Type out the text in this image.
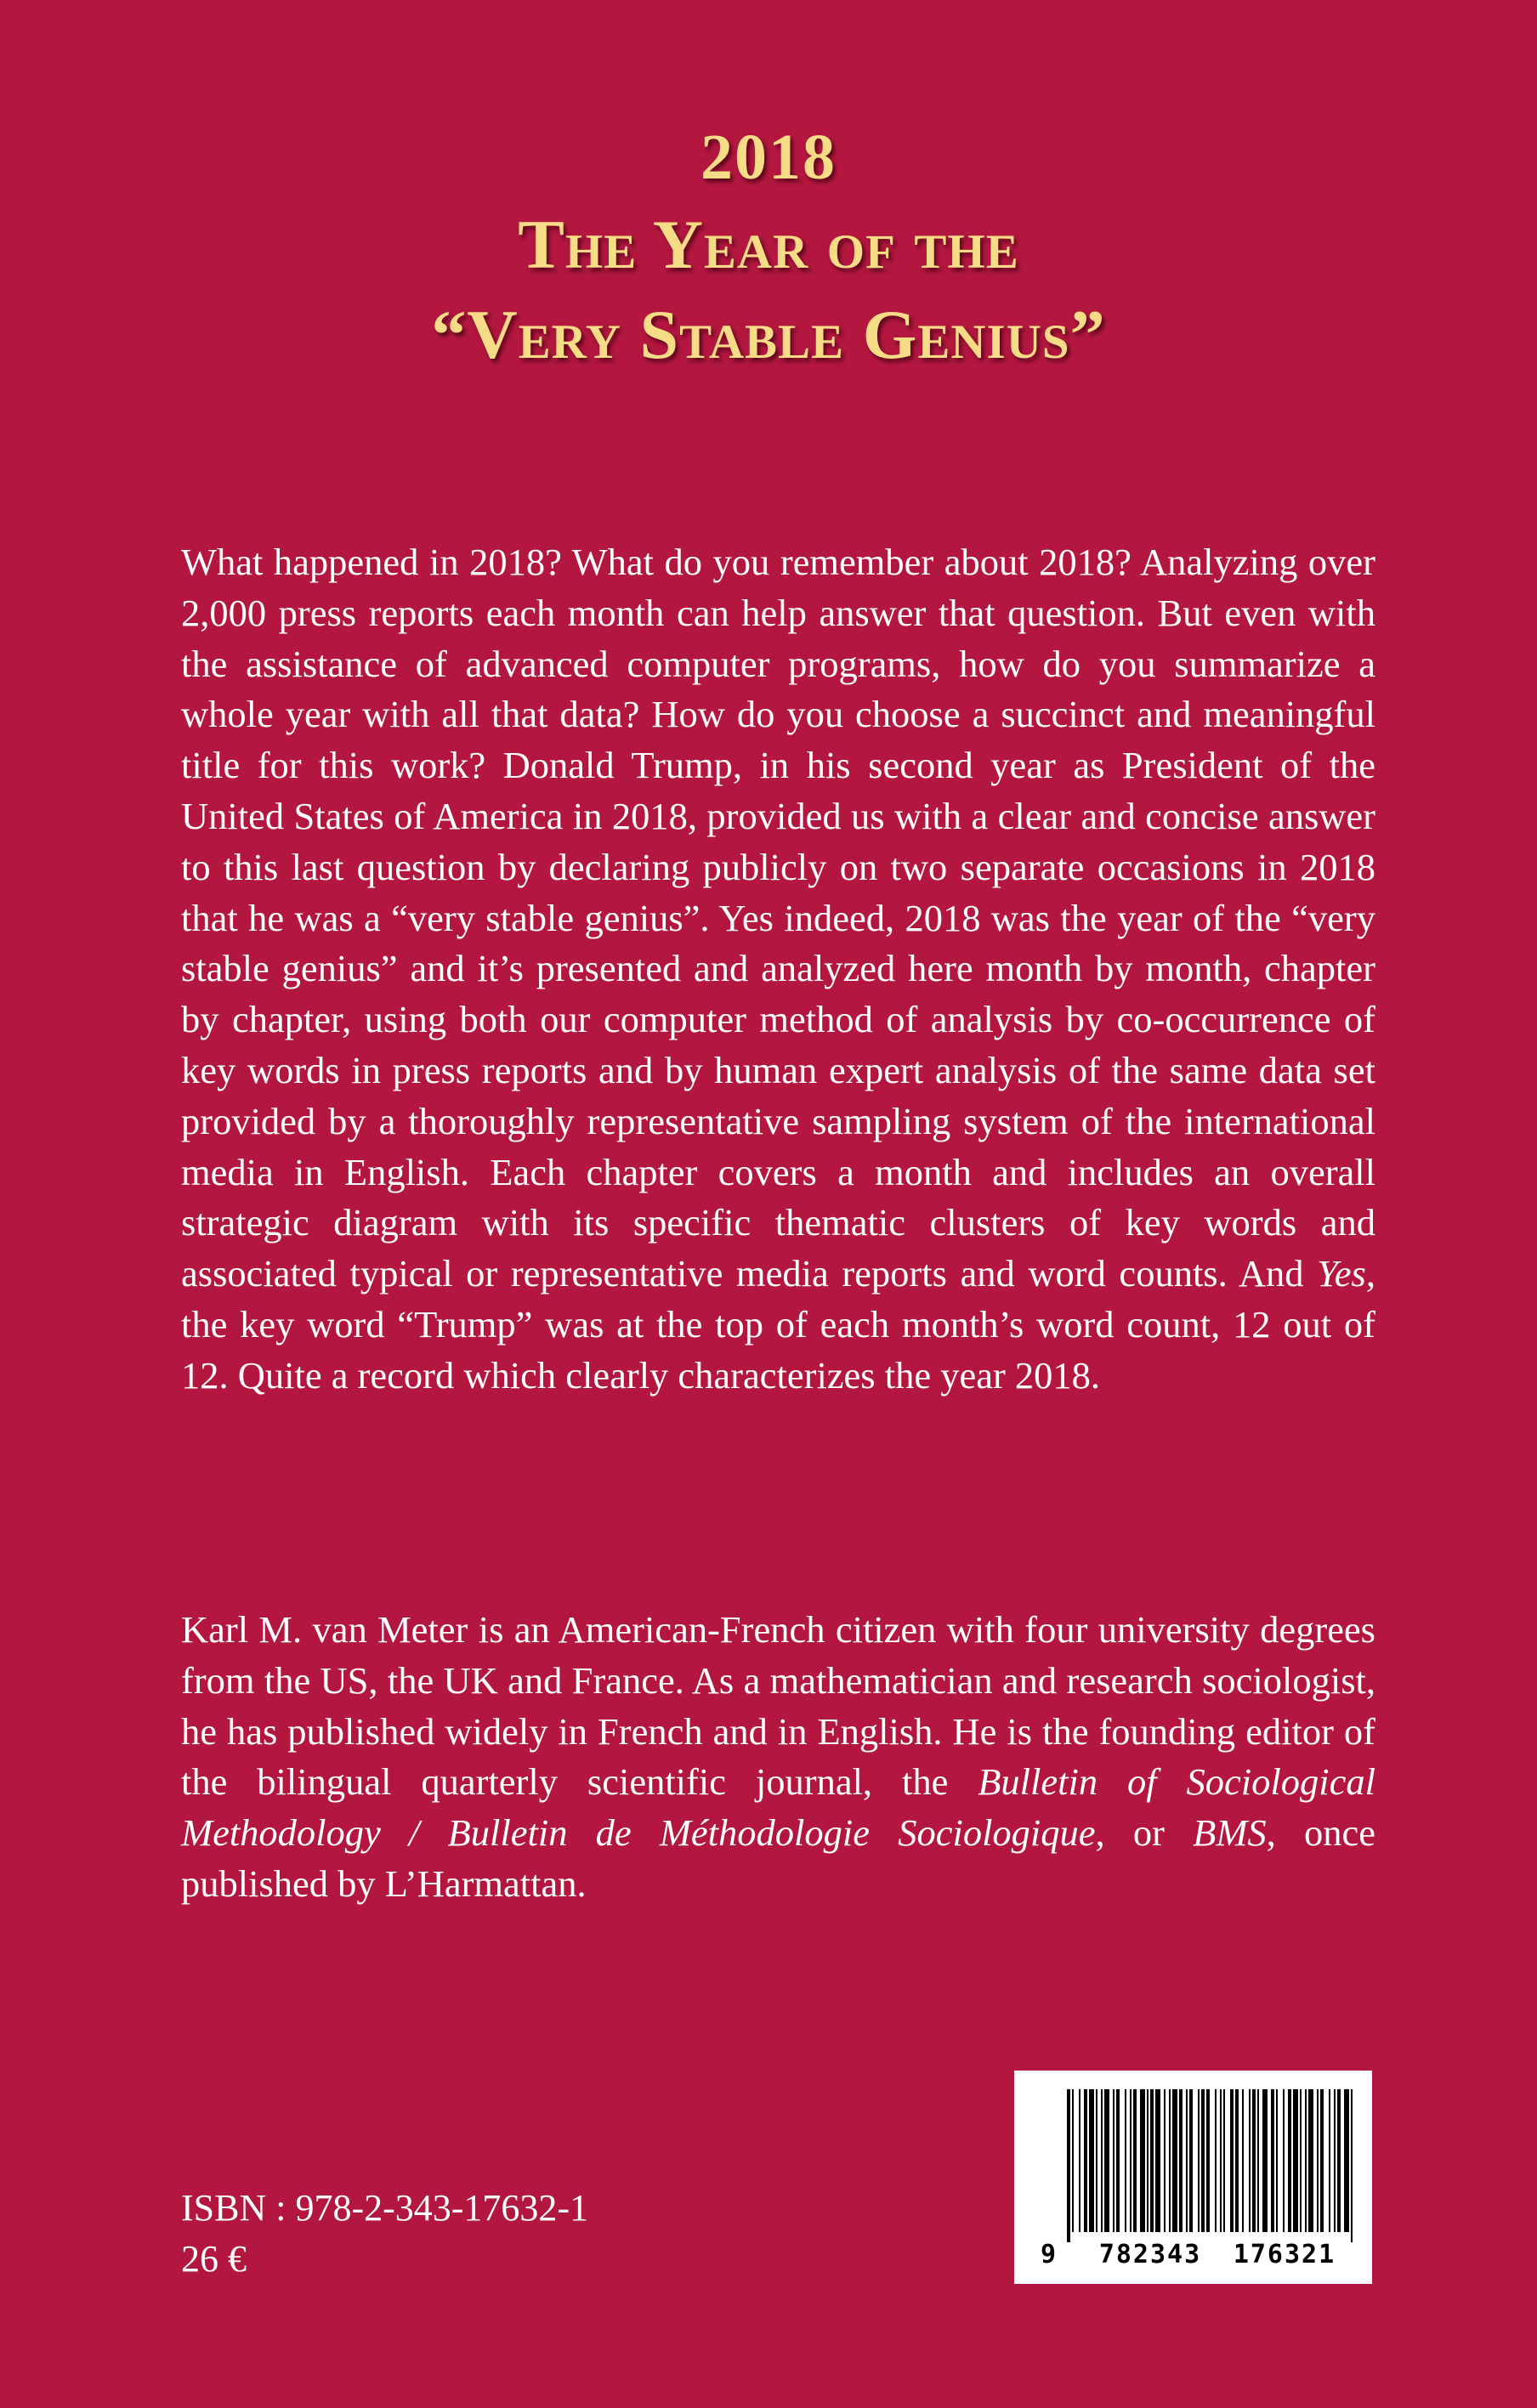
2018
The Year of the
“Very Stable Genius”

What happened in 2018? What do you remember about 2018? Analyzing over 2,000 press reports each month can help answer that question. But even with the assistance of advanced computer programs, how do you summarize a whole year with all that data? How do you choose a succinct and meaningful title for this work? Donald Trump, in his second year as President of the United States of America in 2018, provided us with a clear and concise answer to this last question by declaring publicly on two separate occasions in 2018 that he was a “very stable genius”. Yes indeed, 2018 was the year of the “very stable genius” and it’s presented and analyzed here month by month, chapter by chapter, using both our computer method of analysis by co-occurrence of key words in press reports and by human expert analysis of the same data set provided by a thoroughly representative sampling system of the international media in English. Each chapter covers a month and includes an overall strategic diagram with its specific thematic clusters of key words and associated typical or representative media reports and word counts. And Yes, the key word “Trump” was at the top of each month’s word count, 12 out of 12. Quite a record which clearly characterizes the year 2018.

Karl M. van Meter is an American-French citizen with four university degrees from the US, the UK and France. As a mathematician and research sociologist, he has published widely in French and in English. He is the founding editor of the bilingual quarterly scientific journal, the Bulletin of Sociological Methodology / Bulletin de Méthodologie Sociologique, or BMS, once published by L’Harmattan.

ISBN : 978-2-343-17632-1
26 €	9 782343 176321
